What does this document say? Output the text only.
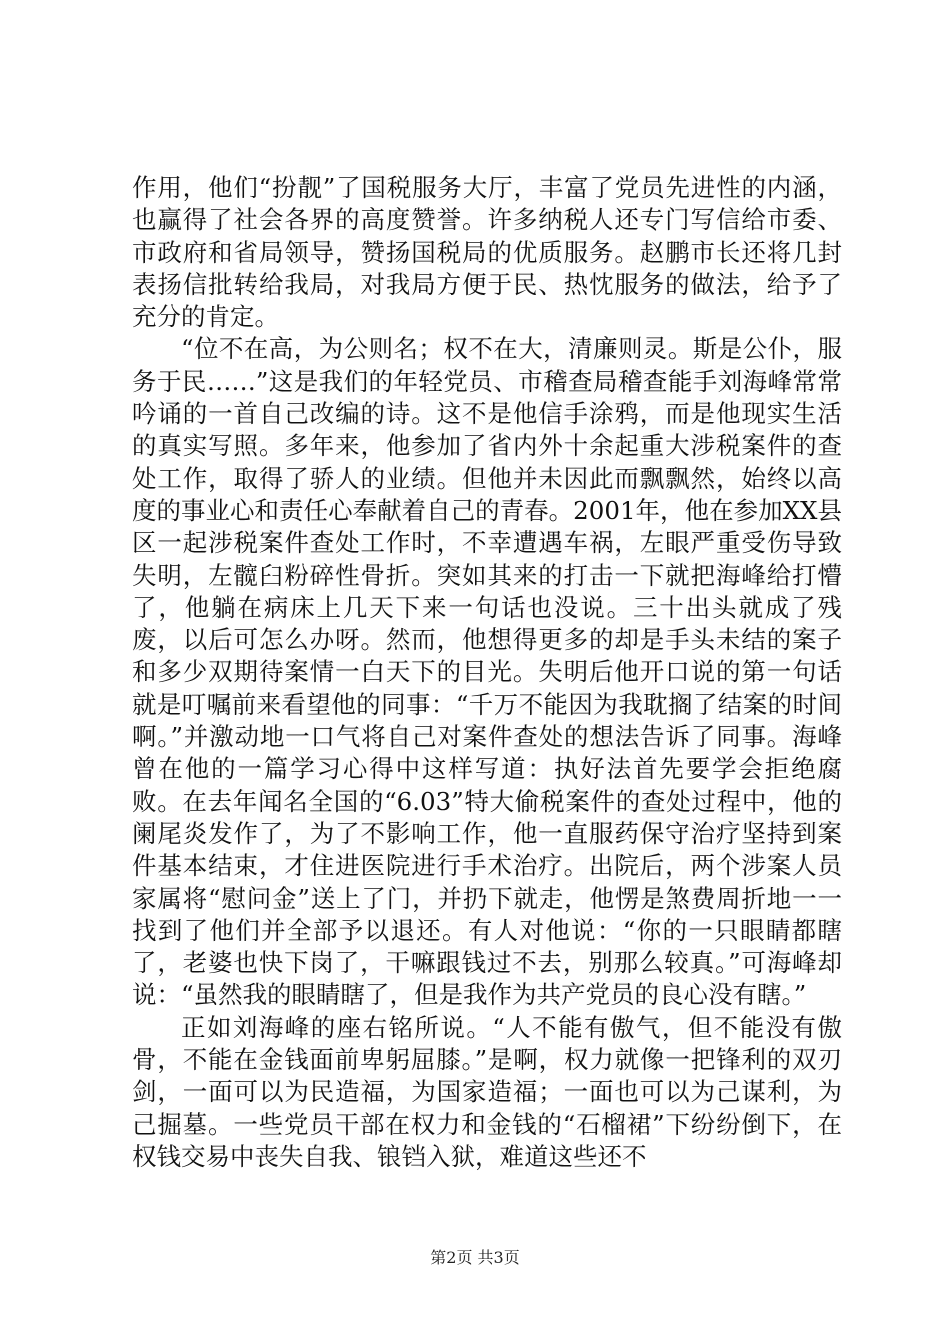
作用，他们“扮靓”了国税服务大厅，丰富了党员先进性的内涵，也赢得了社会各界的高度赞誉。许多纳税人还专门写信给市委、市政府和省局领导，赞扬国税局的优质服务。赵鹏市长还将几封表扬信批转给我局，对我局方便于民、热忱服务的做法，给予了充分的肯定。

“位不在高，为公则名；权不在大，清廉则灵。斯是公仆，服务于民……”这是我们的年轻党员、市稽查局稽查能手刘海峰常常吟诵的一首自己改编的诗。这不是他信手涂鸦，而是他现实生活的真实写照。多年来，他参加了省内外十余起重大涉税案件的查处工作，取得了骄人的业绩。但他并未因此而飘飘然，始终以高度的事业心和责任心奉献着自己的青春。2001年，他在参加XX县区一起涉税案件查处工作时，不幸遭遇车祸，左眼严重受伤导致失明，左髋臼粉碎性骨折。突如其来的打击一下就把海峰给打懵了，他躺在病床上几天下来一句话也没说。三十出头就成了残废，以后可怎么办呀。然而，他想得更多的却是手头未结的案子和多少双期待案情一白天下的目光。失明后他开口说的第一句话就是叮嘱前来看望他的同事：“千万不能因为我耽搁了结案的时间啊。”并激动地一口气将自己对案件查处的想法告诉了同事。海峰曾在他的一篇学习心得中这样写道：执好法首先要学会拒绝腐败。在去年闻名全国的“6.03”特大偷税案件的查处过程中，他的阑尾炎发作了，为了不影响工作，他一直服药保守治疗坚持到案件基本结束，才住进医院进行手术治疗。出院后，两个涉案人员家属将“慰问金”送上了门，并扔下就走，他愣是煞费周折地一一找到了他们并全部予以退还。有人对他说：“你的一只眼睛都瞎了，老婆也快下岗了，干嘛跟钱过不去，别那么较真。”可海峰却说：“虽然我的眼睛瞎了，但是我作为共产党员的良心没有瞎。”

正如刘海峰的座右铭所说。“人不能有傲气，但不能没有傲骨，不能在金钱面前卑躬屈膝。”是啊，权力就像一把锋利的双刃剑，一面可以为民造福，为国家造福；一面也可以为己谋利，为己掘墓。一些党员干部在权力和金钱的“石榴裙”下纷纷倒下，在权钱交易中丧失自我、锒铛入狱，难道这些还不

第2页 共3页
